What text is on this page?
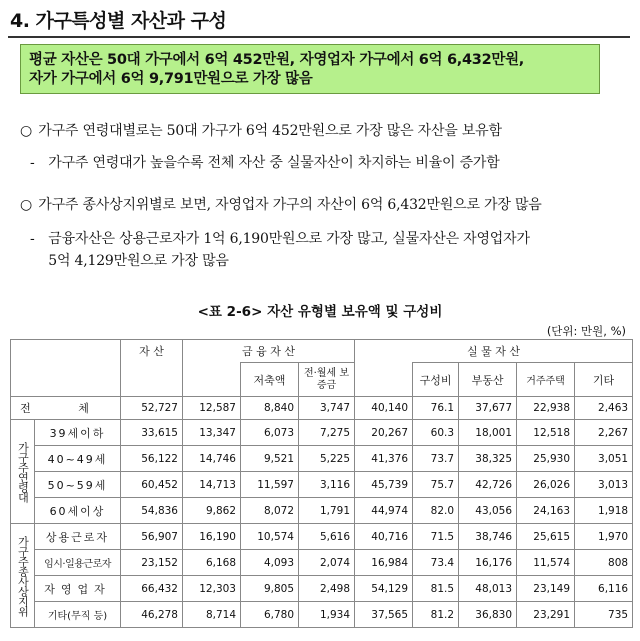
4. 가구특성별 자산과 구성
평균 자산은 50대 가구에서 6억 452만원, 자영업자 가구에서 6억 6,432만원,
자가 가구에서 6억 9,791만원으로 가장 많음
○ 가구주 연령대별로는 50대 가구가 6억 452만원으로 가장 많은 자산을 보유함
- 가구주 연령대가 높을수록 전체 자산 중 실물자산이 차지하는 비율이 증가함
○ 가구주 종사상지위별로 보면, 자영업자 가구의 자산이 6억 6,432만원으로 가장 많음
- 금융자산은 상용근로자가 1억 6,190만원으로 가장 많고, 실물자산은 자영업자가
5억 4,129만원으로 가장 많음
<표 2-6> 자산 유형별 보유액 및 구성비
(단위: 만원, %)
		자 산	금 융 자 산			실 물 자 산				
				저축액	전·월세 보증금		구성비	부동산	거주주택	기타
전 체		52,727	12,587	8,840	3,747	40,140	76.1	37,677	22,938	2,463

가구주연령대	39세이하	33,615	13,347	6,073	7,275	20,267	60.3	18,001	12,518	2,267
	40~49세	56,122	14,746	9,521	5,225	41,376	73.7	38,325	25,930	3,051
	50~59세	60,452	14,713	11,597	3,116	45,739	75.7	42,726	26,026	3,013
	60세이상	54,836	9,862	8,072	1,791	44,974	82.0	43,056	24,163	1,918

가구주종사상지위	상용근로자	56,907	16,190	10,574	5,616	40,716	71.5	38,746	25,615	1,970
	임시·일용근로자	23,152	6,168	4,093	2,074	16,984	73.4	16,176	11,574	808
	자영업자	66,432	12,303	9,805	2,498	54,129	81.5	48,013	23,149	6,116
	기타(무직 등)	46,278	8,714	6,780	1,934	37,565	81.2	36,830	23,291	735
